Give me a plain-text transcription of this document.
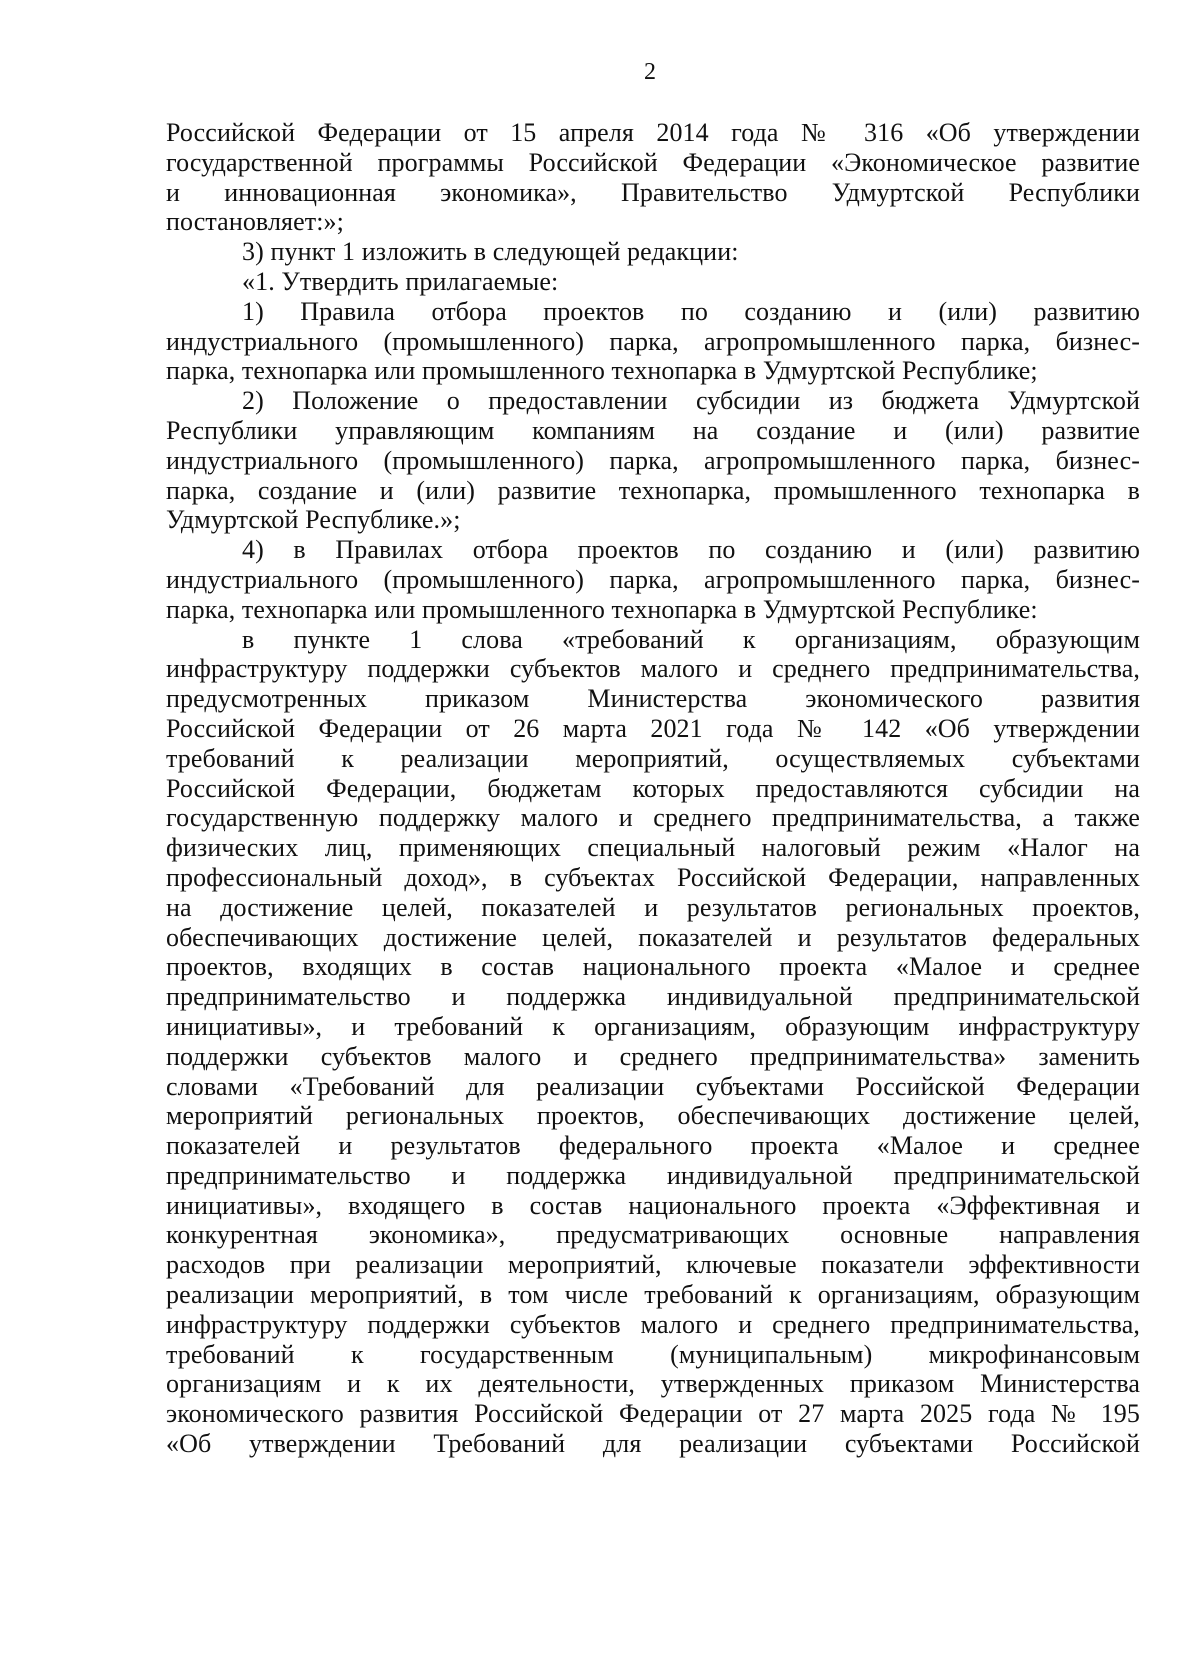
2
Российской Федерации от 15 апреля 2014 года № 316 «Об утверждении
государственной программы Российской Федерации «Экономическое развитие
и инновационная экономика», Правительство Удмуртской Республики
постановляет:»;
3) пункт 1 изложить в следующей редакции:
«1. Утвердить прилагаемые:
1) Правила отбора проектов по созданию и (или) развитию
индустриального (промышленного) парка, агропромышленного парка, бизнес-
парка, технопарка или промышленного технопарка в Удмуртской Республике;
2) Положение о предоставлении субсидии из бюджета Удмуртской
Республики управляющим компаниям на создание и (или) развитие
индустриального (промышленного) парка, агропромышленного парка, бизнес-
парка, создание и (или) развитие технопарка, промышленного технопарка в
Удмуртской Республике.»;
4) в Правилах отбора проектов по созданию и (или) развитию
индустриального (промышленного) парка, агропромышленного парка, бизнес-
парка, технопарка или промышленного технопарка в Удмуртской Республике:
в пункте 1 слова «требований к организациям, образующим
инфраструктуру поддержки субъектов малого и среднего предпринимательства,
предусмотренных приказом Министерства экономического развития
Российской Федерации от 26 марта 2021 года № 142 «Об утверждении
требований к реализации мероприятий, осуществляемых субъектами
Российской Федерации, бюджетам которых предоставляются субсидии на
государственную поддержку малого и среднего предпринимательства, а также
физических лиц, применяющих специальный налоговый режим «Налог на
профессиональный доход», в субъектах Российской Федерации, направленных
на достижение целей, показателей и результатов региональных проектов,
обеспечивающих достижение целей, показателей и результатов федеральных
проектов, входящих в состав национального проекта «Малое и среднее
предпринимательство и поддержка индивидуальной предпринимательской
инициативы», и требований к организациям, образующим инфраструктуру
поддержки субъектов малого и среднего предпринимательства» заменить
словами «Требований для реализации субъектами Российской Федерации
мероприятий региональных проектов, обеспечивающих достижение целей,
показателей и результатов федерального проекта «Малое и среднее
предпринимательство и поддержка индивидуальной предпринимательской
инициативы», входящего в состав национального проекта «Эффективная и
конкурентная экономика», предусматривающих основные направления
расходов при реализации мероприятий, ключевые показатели эффективности
реализации мероприятий, в том числе требований к организациям, образующим
инфраструктуру поддержки субъектов малого и среднего предпринимательства,
требований к государственным (муниципальным) микрофинансовым
организациям и к их деятельности, утвержденных приказом Министерства
экономического развития Российской Федерации от 27 марта 2025 года № 195
«Об утверждении Требований для реализации субъектами Российской
